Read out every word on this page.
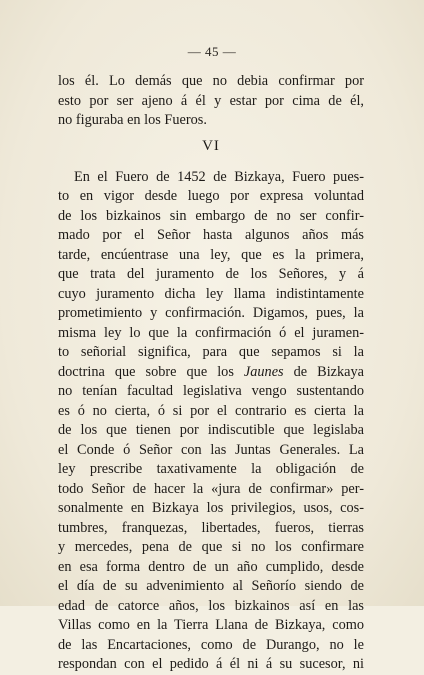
— 45 —
los él. Lo demás que no debia confirmar por
esto por ser ajeno á él y estar por cima de él,
no figuraba en los Fueros.
VI
En el Fuero de 1452 de Bizkaya, Fuero pues-
to en vigor desde luego por expresa voluntad
de los bizkainos sin embargo de no ser confir-
mado por el Señor hasta algunos años más
tarde, encúentrase una ley, que es la primera,
que trata del juramento de los Señores, y á
cuyo juramento dicha ley llama indistintamente
prometimiento y confirmación. Digamos, pues, la
misma ley lo que la confirmación ó el juramen-
to señorial significa, para que sepamos si la
doctrina que sobre que los Jaunes de Bizkaya
no tenían facultad legislativa vengo sustentando
es ó no cierta, ó si por el contrario es cierta la
de los que tienen por indiscutible que legislaba
el Conde ó Señor con las Juntas Generales. La
ley prescribe taxativamente la obligación de
todo Señor de hacer la «jura de confirmar» per-
sonalmente en Bizkaya los privilegios, usos, cos-
tumbres, franquezas, libertades, fueros, tierras
y mercedes, pena de que si no los confirmare
en esa forma dentro de un año cumplido, desde
el día de su advenimiento al Señorío siendo de
edad de catorce años, los bizkainos así en las
Villas como en la Tierra Llana de Bizkaya, como
de las Encartaciones, como de Durango, no le
respondan con el pedido á él ni á su sucesor, ni
